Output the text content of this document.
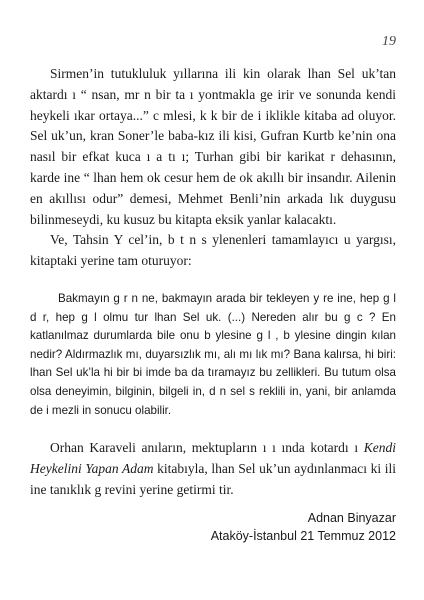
19

Sirmen’in tutukluluk yıllarına ili kin olarak lhan Sel uk’tan aktardı ı “ nsan, mr n bir ta ı yontmakla ge irir ve sonunda kendi heykeli ıkar ortaya...” c mlesi, k k bir de i iklikle kitaba ad oluyor. Sel uk’un, kran Soner’le baba-kız ili kisi, Gufran Kurtb ke’nin ona nasıl bir efkat kuca ı a tı ı; Turhan gibi bir karikat r dehasının, karde ine “ lhan hem ok cesur hem de ok akıllı bir insandır. Ailenin en akıllısı odur” demesi, Mehmet Benli’nin arkada lık duygusu bilinmeseydi, ku kusuz bu kitapta eksik yanlar kalacaktı.

Ve, Tahsin Y cel’in, b t n s ylenenleri tamamlayıcı u yargısı, kitaptaki yerine tam oturuyor:

Bakmayın g r n ne, bakmayın arada bir tekleyen y re ine, hep g l d r, hep g l olmu tur lhan Sel uk. (...) Nereden alır bu g c ? En katlanılmaz durumlarda bile onu b ylesine g l , b ylesine dingin kılan nedir? Aldırmazlık mı, duyarsızlık mı, alı mı lık mı? Bana kalırsa, hi biri: lhan Sel uk’la hi bir bi imde ba da tıramayız bu zellikleri. Bu tutum olsa olsa deneyimin, bilginin, bilgeli in, d n sel s reklili in, yani, bir anlamda de i mezli in sonucu olabilir.

Orhan Karaveli anıların, mektupların ı ı ında kotardı ı Kendi Heykelini Yapan Adam kitabıyla, lhan Sel uk’un aydınlanmacı ki ili ine tanıklık g revini yerine getirmi tir.

Adnan Binyazar
Ataköy-İstanbul 21 Temmuz 2012
